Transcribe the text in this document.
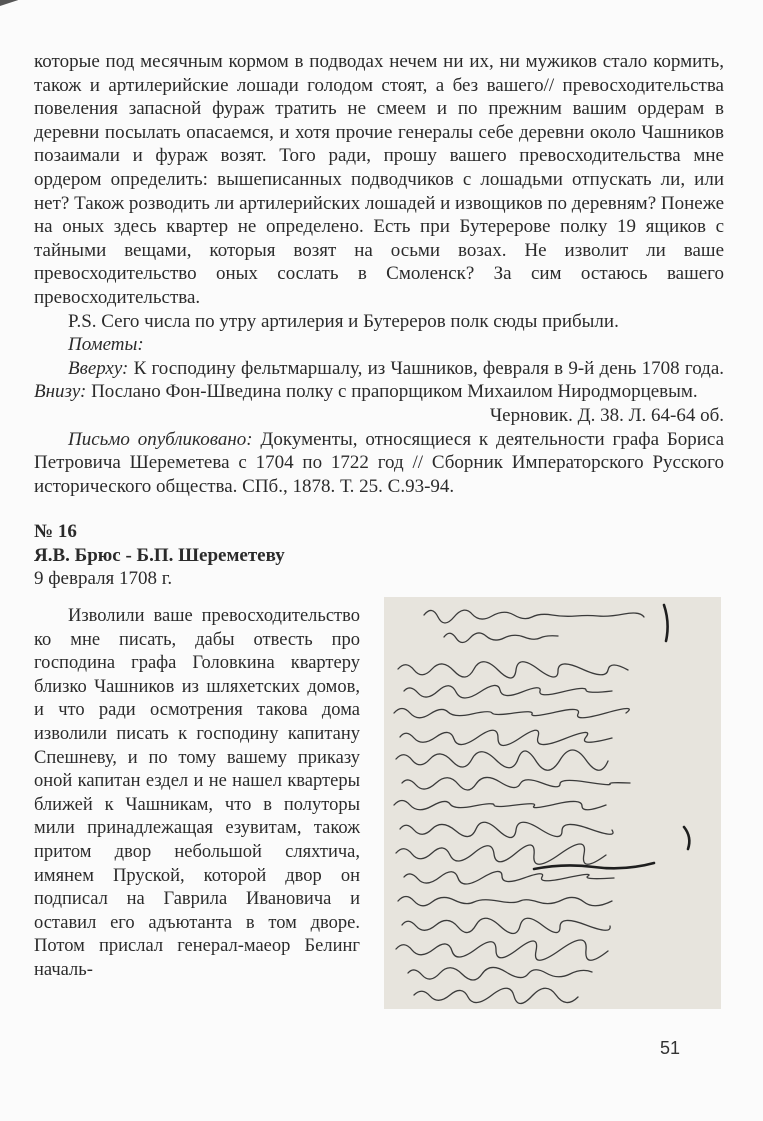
которые под месячным кормом в подводах нечем ни их, ни мужиков стало кормить, також и артилерийские лошади голодом стоят, а без вашего// превосходительства повеления запасной фураж тратить не смеем и по прежним вашим ордерам в деревни посылать опасаемся, и хотя прочие генералы себе деревни около Чашников позаимали и фураж возят. Того ради, прошу вашего превосходительства мне ордером определить: вышеписанных подводчиков с лошадьми отпускать ли, или нет? Також розводить ли артилерийских лошадей и извощиков по деревням? Понеже на оных здесь квартер не определено. Есть при Бутерерове полку 19 ящиков с тайными вещами, которыя возят на осьми возах. Не изволит ли ваше превосходительство оных сослать в Смоленск? За сим остаюсь вашего превосходительства.

P.S. Сего числа по утру артилерия и Бутереров полк сюды прибыли.

Пометы:

Вверху: К господину фельтмаршалу, из Чашников, февраля в 9-й день 1708 года. Внизу: Послано Фон-Шведина полку с прапорщиком Михаилом Ниродморцевым.

Черновик. Д. 38. Л. 64-64 об.

Письмо опубликовано: Документы, относящиеся к деятельности графа Бориса Петровича Шереметева с 1704 по 1722 год // Сборник Императорского Русского исторического общества. СПб., 1878. Т. 25. С.93-94.

№ 16

Я.В. Брюс - Б.П. Шереметеву

9 февраля 1708 г.

Изволили ваше превосходительство ко мне писать, дабы отвесть про господина графа Головкина квартеру близко Чашников из шляхетских домов, и что ради осмотрения такова дома изволили писать к господину капитану Спешневу, и по тому вашему приказу оной капитан ездел и не нашел квартеры ближей к Чашникам, что в полуторы мили принадлежащая езувитам, також притом двор небольшой сляхтича, имянем Пруской, которой двор он подписал на Гаврила Ивановича и оставил его адъютанта в том дворе. Потом прислал генерал-маеор Белинг началь-

51
